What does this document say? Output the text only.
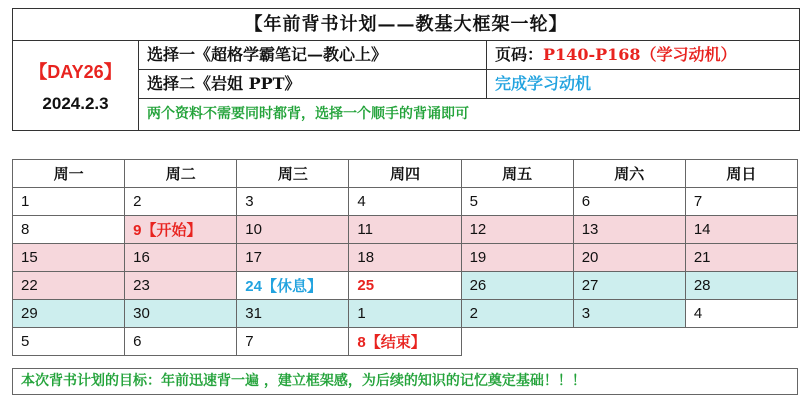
【年前背书计划——教基大框架一轮】
【DAY26】
2024.2.3
选择一《超格学霸笔记—教心上》	页码：P140-P168（学习动机）
选择二《岩姐 PPT》	完成学习动机
两个资料不需要同时都背，选择一个顺手的背诵即可
周一	周二	周三	周四	周五	周六	周日
1	2	3	4	5	6	7
8	9【开始】	10	11	12	13	14
15	16	17	18	19	20	21
22	23	24【休息】	25	26	27	28
29	30	31	1	2	3	4
5	6	7	8【结束】			
本次背书计划的目标：年前迅速背一遍 ，建立框架感，为后续的知识的记忆奠定基础！！！
